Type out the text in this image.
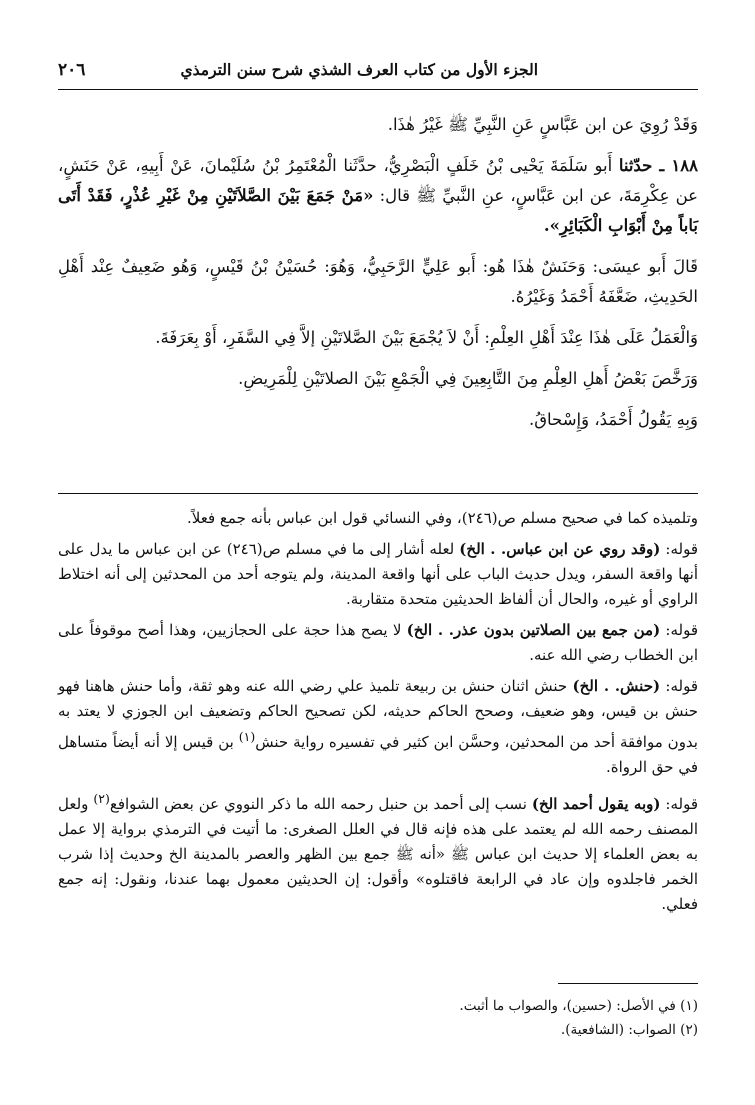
٢٠٦	الجزء الأول من كتاب العرف الشذي شرح سنن الترمذي

وَقَدْ رُوِيَ عن ابن عَبَّاسٍ عَنِ النَّبِيِّ ﷺ غَيْرُ هٰذَا.

١٨٨ ـ حدّثنا أَبو سَلَمَةَ يَحْيى بْنُ خَلَفٍ الْبَصْرِيُّ، حدَّثَنا الْمُعْتَمِرُ بْنُ سُلَيْمانَ، عَنْ أَبِيهِ، عَنْ حَنَشٍ، عن عِكْرِمَةَ، عن ابن عَبَّاسٍ، عنِ النَّبيِّ ﷺ قال: «مَنْ جَمَعَ بَيْنَ الصَّلاَتَيْنِ مِنْ غَيْرِ عُذْرٍ، فَقَدْ أَتَى بَاباً مِنْ أَبْوَابِ الْكَبَائِرِ».

قَالَ أَبو عيسَى: وَحَنَشٌ هٰذَا هُو: أَبو عَلِيٍّ الرَّحَبِيُّ، وَهُوَ: حُسَيْنُ بْنُ قَيْسٍ، وَهُو ضَعِيفٌ عِنْد أَهْلِ الحَدِيثِ، ضَعَّفَهُ أَحْمَدُ وَغَيْرُهُ.

وَالْعَمَلُ عَلَى هٰذَا عِنْدَ أَهْلِ العِلْمِ: أَنْ لاَ يُجْمَعَ بَيْنَ الصَّلاتَيْنِ إلاَّ فِي السَّفَرِ، أَوْ بِعَرَفَةَ.

وَرَخَّصَ بَعْضُ أَهلِ العِلْمِ مِنَ التَّابِعِينَ فِي الْجَمْعِ بَيْنَ الصلاتَيْنِ لِلْمَرِيضِ.

وَبِهِ يَقُولُ أَحْمَدُ، وَإِسْحاقُ.

وتلميذه كما في صحيح مسلم ص(٢٤٦)، وفي النسائي قول ابن عباس بأنه جمع فعلاً.

قوله: (وقد روي عن ابن عباس. . الخ) لعله أشار إلى ما في مسلم ص(٢٤٦) عن ابن عباس ما يدل على أنها واقعة السفر، ويدل حديث الباب على أنها واقعة المدينة، ولم يتوجه أحد من المحدثين إلى أنه اختلاط الراوي أو غيره، والحال أن ألفاظ الحديثين متحدة متقاربة.

قوله: (من جمع بين الصلاتين بدون عذر. . الخ) لا يصح هذا حجة على الحجازيين، وهذا أصح موقوفاً على ابن الخطاب رضي الله عنه.

قوله: (حنش. . الخ) حنش اثنان حنش بن ربيعة تلميذ علي رضي الله عنه وهو ثقة، وأما حنش هاهنا فهو حنش بن قيس، وهو ضعيف، وصحح الحاكم حديثه، لكن تصحيح الحاكم وتضعيف ابن الجوزي لا يعتد به بدون موافقة أحد من المحدثين، وحسَّن ابن كثير في تفسيره رواية حنش$^{(١)}$ بن قيس إلا أنه أيضاً متساهل في حق الرواة.

قوله: (وبه يقول أحمد الخ) نسب إلى أحمد بن حنبل رحمه الله ما ذكر النووي عن بعض الشوافع$^{(٢)}$ ولعل المصنف رحمه الله لم يعتمد على هذه فإنه قال في العلل الصغرى: ما أتيت في الترمذي برواية إلا عمل به بعض العلماء إلا حديث ابن عباس ﷺ «أنه ﷺ جمع بين الظهر والعصر بالمدينة الخ وحديث إذا شرب الخمر فاجلدوه وإن عاد في الرابعة فاقتلوه» وأقول: إن الحديثين معمول بهما عندنا، ونقول: إنه جمع فعلي.

(١) في الأصل: (حسين)، والصواب ما أثبت.
(٢) الصواب: (الشافعية).
